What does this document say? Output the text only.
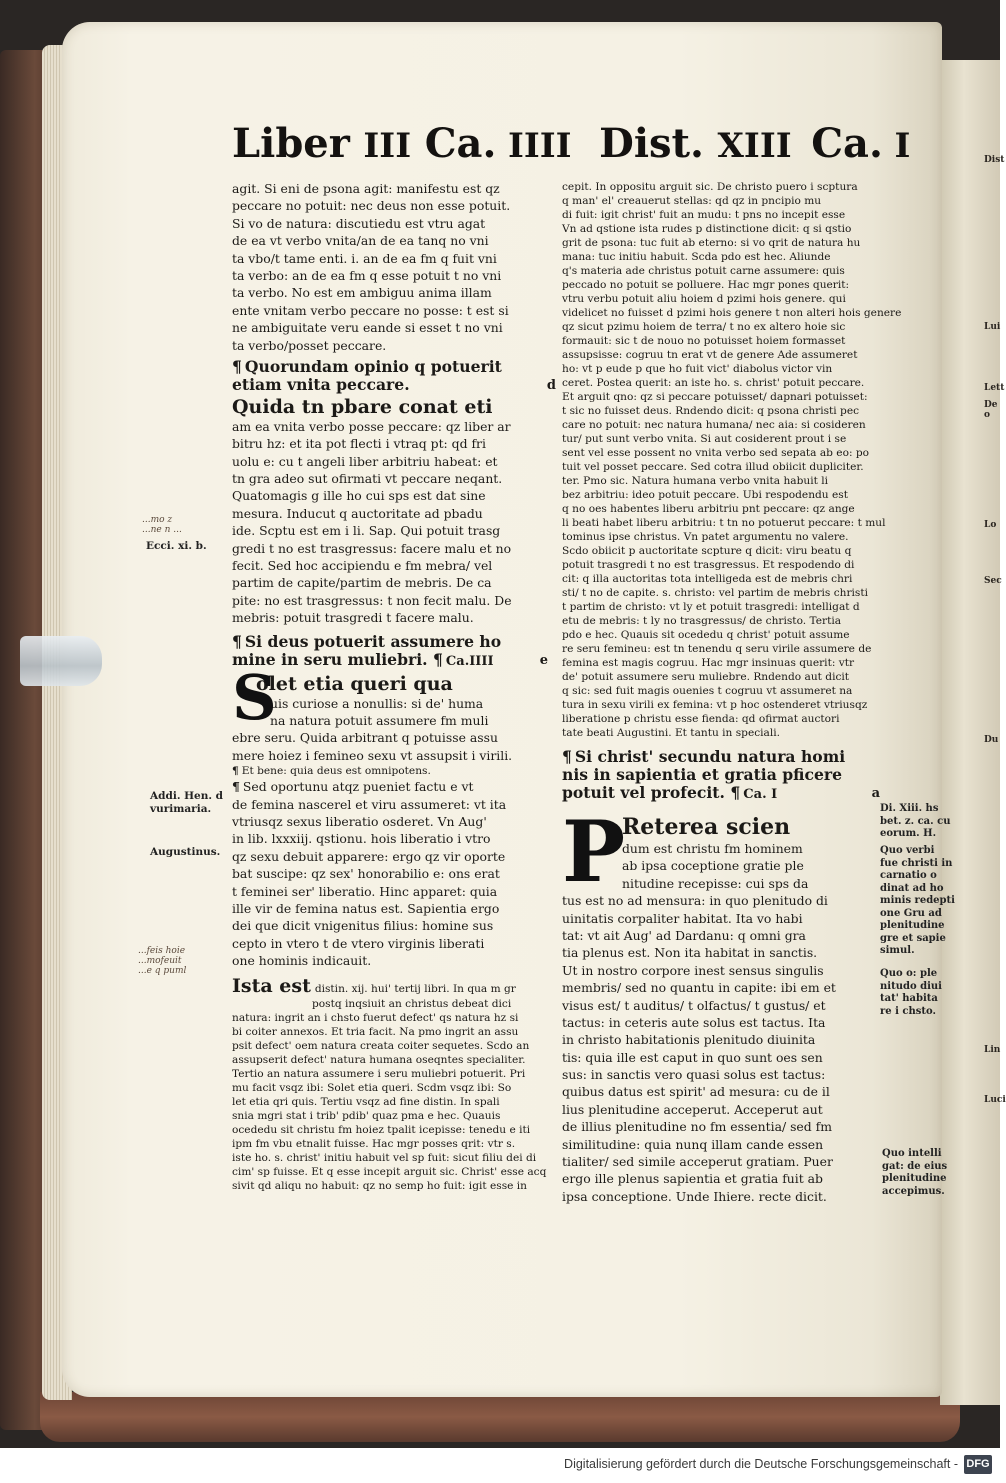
Dist
Lui
Lett
De o
Lo
Sec
Du
Lin
Luci
Liber III Ca. IIII Dist. XIII Ca. I
agit. Si eni de psona agit: manifestu est qz
peccare no potuit: nec deus non esse potuit.
Si vo de natura: discutiedu est vtru agat
de ea vt verbo vnita/an de ea tanq no vni
ta vbo/t tame enti. i. an de ea fm q fuit vni
ta verbo: an de ea fm q esse potuit t no vni
ta verbo. No est em ambiguu anima illam
ente vnitam verbo peccare no posse: t est si
ne ambiguitate veru eande si esset t no vni
ta verbo/posset peccare.
¶ Quorundam opinio q potuerit
etiam vnita peccare.	d
Quida tn pbare conat eti
am ea vnita verbo posse peccare: qz liber ar
bitru hz: et ita pot flecti i vtraq pt: qd fri
uolu e: cu t angeli liber arbitriu habeat: et
tn gra adeo sut ofirmati vt peccare neqant.
Quatomagis g ille ho cui sps est dat sine
mesura. Inducut q auctoritate ad pbadu
ide. Scptu est em i li. Sap. Qui potuit trasg
gredi t no est trasgressus: facere malu et no
fecit. Sed hoc accipiendu e fm mebra/ vel
partim de capite/partim de mebris. De ca
pite: no est trasgressus: t non fecit malu. De
mebris: potuit trasgredi t facere malu.
¶ Si deus potuerit assumere ho
mine in seru muliebri. ¶ Ca.IIII	e
S
olet etia queri qua
uis curiose a nonullis: si de' huma
na natura potuit assumere fm muli
ebre seru. Quida arbitrant q potuisse assu
mere hoiez i femineo sexu vt assupsit i virili.
¶ Et bene: quia deus est omnipotens.
¶ Sed oportunu atqz pueniet factu e vt
de femina nascerel et viru assumeret: vt ita
vtriusqz sexus liberatio osderet. Vn Aug'
in lib. lxxxiij. qstionu. hois liberatio i vtro
qz sexu debuit apparere: ergo qz vir oporte
bat suscipe: qz sex' honorabilio e: ons erat
t feminei ser' liberatio. Hinc apparet: quia
ille vir de femina natus est. Sapientia ergo
dei que dicit vnigenitus filius: homine sus
cepto in vtero t de vtero virginis liberati
one hominis indicauit.
Ista est distin. xij. hui' tertij libri. In qua m gr
postq inqsiuit an christus debeat dici
natura: ingrit an i chsto fuerut defect' qs natura hz si
bi coiter annexos. Et tria facit. Na pmo ingrit an assu
psit defect' oem natura creata coiter sequetes. Scdo an
assupserit defect' natura humana oseqntes specialiter.
Tertio an natura assumere i seru muliebri potuerit. Pri
mu facit vsqz ibi: Solet etia queri. Scdm vsqz ibi: So
let etia qri quis. Tertiu vsqz ad fine distin. In spali
snia mgri stat i trib' pdib' quaz pma e hec. Quauis
ocededu sit christu fm hoiez tpalit icepisse: tenedu e iti
ipm fm vbu etnalit fuisse. Hac mgr posses qrit: vtr s.
iste ho. s. christ' initiu habuit vel sp fuit: sicut filiu dei di
cim' sp fuisse. Et q esse incepit arguit sic. Christ' esse acq
sivit qd aliqu no habuit: qz no semp ho fuit: igit esse in
cepit. In oppositu arguit sic. De christo puero i scptura
q man' el' creauerut stellas: qd qz in pncipio mu
di fuit: igit christ' fuit an mudu: t pns no incepit esse
Vn ad qstione ista rudes p distinctione dicit: q si qstio
grit de psona: tuc fuit ab eterno: si vo qrit de natura hu
mana: tuc initiu habuit. Scda pdo est hec. Aliunde
q's materia ade christus potuit carne assumere: quis
peccado no potuit se polluere. Hac mgr pones querit:
vtru verbu potuit aliu hoiem d pzimi hois genere. qui
videlicet no fuisset d pzimi hois genere t non alteri hois genere
qz sicut pzimu hoiem de terra/ t no ex altero hoie sic
formauit: sic t de nouo no potuisset hoiem formasset
assupsisse: cogruu tn erat vt de genere Ade assumeret
ho: vt p eude p que ho fuit vict' diabolus victor vin
ceret. Postea querit: an iste ho. s. christ' potuit peccare.
Et arguit qno: qz si peccare potuisset/ dapnari potuisset:
t sic no fuisset deus. Rndendo dicit: q psona christi pec
care no potuit: nec natura humana/ nec aia: si cosideren
tur/ put sunt verbo vnita. Si aut cosiderent prout i se
sent vel esse possent no vnita verbo sed sepata ab eo: po
tuit vel posset peccare. Sed cotra illud obiicit dupliciter.
ter. Pmo sic. Natura humana verbo vnita habuit li
bez arbitriu: ideo potuit peccare. Ubi respodendu est
q no oes habentes liberu arbitriu pnt peccare: qz ange
li beati habet liberu arbitriu: t tn no potuerut peccare: t mul
tominus ipse christus. Vn patet argumentu no valere.
Scdo obiicit p auctoritate scpture q dicit: viru beatu q
potuit trasgredi t no est trasgressus. Et respodendo di
cit: q illa auctoritas tota intelligeda est de mebris chri
sti/ t no de capite. s. christo: vel partim de mebris christi
t partim de christo: vt ly et potuit trasgredi: intelligat d
etu de mebris: t ly no trasgressus/ de christo. Tertia
pdo e hec. Quauis sit ocededu q christ' potuit assume
re seru femineu: est tn tenendu q seru virile assumere de
femina est magis cogruu. Hac mgr insinuas querit: vtr
de' potuit assumere seru muliebre. Rndendo aut dicit
q sic: sed fuit magis ouenies t cogruu vt assumeret na
tura in sexu virili ex femina: vt p hoc ostenderet vtriusqz
liberatione p christu esse fienda: qd ofirmat auctori
tate beati Augustini. Et tantu in speciali.
¶ Si christ' secundu natura homi
nis in sapientia et gratia pficere
potuit vel profecit. ¶ Ca. I	a
P
Reterea scien
dum est christu fm hominem
ab ipsa coceptione gratie ple
nitudine recepisse: cui sps da
tus est no ad mensura: in quo plenitudo di
uinitatis corpaliter habitat. Ita vo habi
tat: vt ait Aug' ad Dardanu: q omni gra
tia plenus est. Non ita habitat in sanctis.
Ut in nostro corpore inest sensus singulis
membris/ sed no quantu in capite: ibi em et
visus est/ t auditus/ t olfactus/ t gustus/ et
tactus: in ceteris aute solus est tactus. Ita
in christo habitationis plenitudo diuinita
tis: quia ille est caput in quo sunt oes sen
sus: in sanctis vero quasi solus est tactus:
quibus datus est spirit' ad mesura: cu de il
lius plenitudine acceperut. Acceperut aut
de illius plenitudine no fm essentia/ sed fm
similitudine: quia nunq illam cande essen
tialiter/ sed simile acceperut gratiam. Puer
ergo ille plenus sapientia et gratia fuit ab
ipsa conceptione. Unde Ihiere. recte dicit.
Ecci. xi. b.
Addi. Hen. d
vurimaria.
Augustinus.
...mo z
...ne n ...
...feis hoie
...mofeuit
...e q puml
Di. Xiii. hs
bet. z. ca. cu
eorum. H.
Quo verbi
fue christi in
carnatio o
dinat ad ho
minis redepti
one Gru ad
plenitudine
gre et sapie
simul.
Quo o: ple
nitudo diui
tat' habita
re i chsto.
Quo intelli
gat: de eius
plenitudine
accepimus.
Digitalisierung gefördert durch die Deutsche Forschungsgemeinschaft - DFG
